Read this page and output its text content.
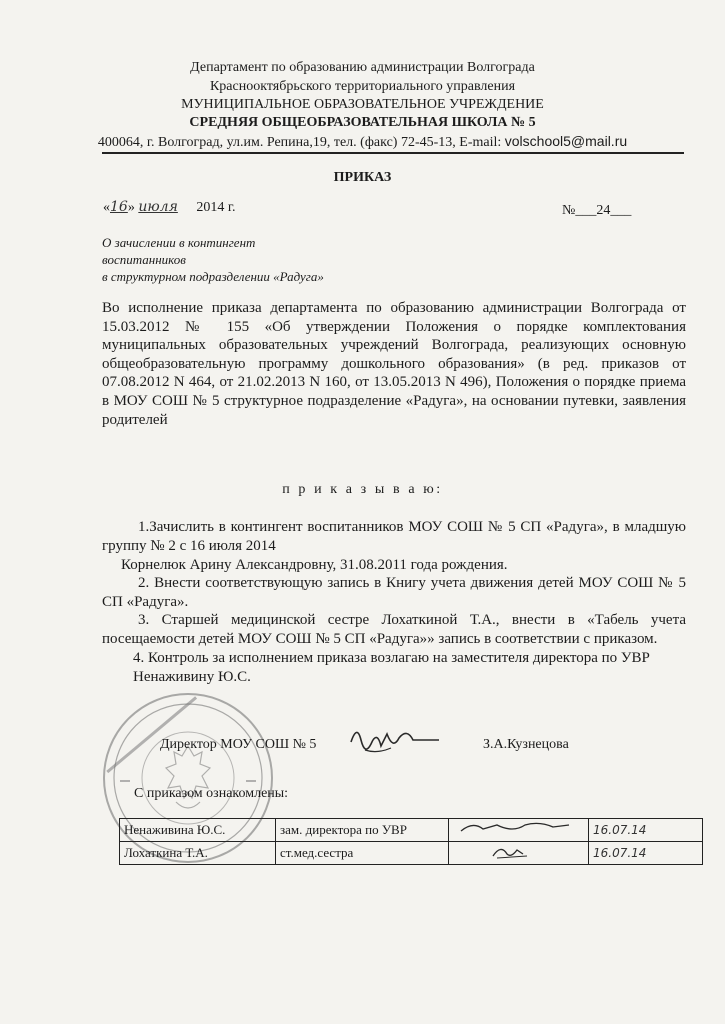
Департамент по образованию администрации Волгограда
Краснооктябрьского территориального управления
МУНИЦИПАЛЬНОЕ ОБРАЗОВАТЕЛЬНОЕ УЧРЕЖДЕНИЕ
СРЕДНЯЯ ОБЩЕОБРАЗОВАТЕЛЬНАЯ ШКОЛА № 5
400064, г. Волгоград, ул.им. Репина,19, тел. (факс) 72-45-13, E-mail: volschool5@mail.ru
ПРИКАЗ
«16» июля 2014 г.	№___24___
О зачислении в контингент
воспитанников
в структурном подразделении «Радуга»
Во исполнение приказа департамента по образованию администрации Волгограда от 15.03.2012 № 155 «Об утверждении Положения о порядке комплектования муниципальных образовательных учреждений Волгограда, реализующих основную общеобразовательную программу дошкольного образования» (в ред. приказов от 07.08.2012 N 464, от 21.02.2013 N 160, от 13.05.2013 N 496), Положения о порядке приема в МОУ СОШ № 5 структурное подразделение «Радуга», на основании путевки, заявления родителей
п р и к а з ы в а ю:
1.Зачислить в контингент воспитанников МОУ СОШ № 5 СП «Радуга», в младшую группу № 2 с 16 июля 2014
Корнелюк Арину Александровну, 31.08.2011 года рождения.
2. Внести соответствующую запись в Книгу учета движения детей МОУ СОШ № 5 СП «Радуга».
3. Старшей медицинской сестре Лохаткиной Т.А., внести в «Табель учета посещаемости детей МОУ СОШ № 5 СП «Радуга»» запись в соответствии с приказом.
4. Контроль за исполнением приказа возлагаю на заместителя директора по УВР Ненаживину Ю.С.
Директор МОУ СОШ № 5	З.А.Кузнецова
С приказом ознакомлены:
Ненаживина Ю.С.	зам. директора по УВР		16.07.14
Лохаткина Т.А.	ст.мед.сестра		16.07.14
